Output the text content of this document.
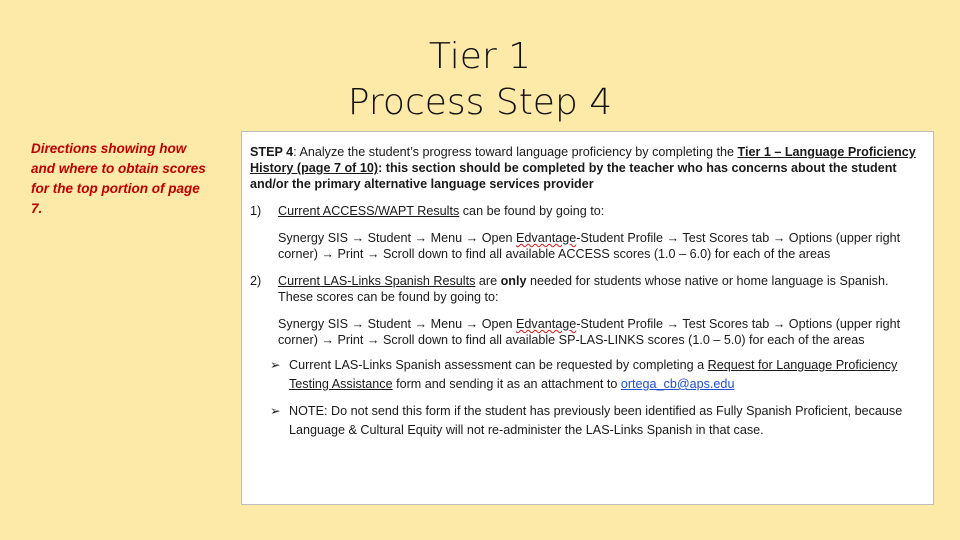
Tier 1
Process Step 4
Directions showing how and where to obtain scores for the top portion of page 7.

STEP 4: Analyze the student’s progress toward language proficiency by completing the Tier 1 – Language Proficiency History (page 7 of 10): this section should be completed by the teacher who has concerns about the student and/or the primary alternative language services provider

1)	Current ACCESS/WAPT Results can be found by going to:
Synergy SIS → Student → Menu → Open Edvantage-Student Profile → Test Scores tab → Options (upper right corner) → Print → Scroll down to find all available ACCESS scores (1.0 – 6.0) for each of the areas
2)	Current LAS-Links Spanish Results are only needed for students whose native or home language is Spanish. These scores can be found by going to:
Synergy SIS → Student → Menu → Open Edvantage-Student Profile → Test Scores tab → Options (upper right corner) → Print → Scroll down to find all available SP-LAS-LINKS scores (1.0 – 5.0) for each of the areas
➢ Current LAS-Links Spanish assessment can be requested by completing a Request for Language Proficiency Testing Assistance form and sending it as an attachment to ortega_cb@aps.edu
➢ NOTE: Do not send this form if the student has previously been identified as Fully Spanish Proficient, because Language & Cultural Equity will not re-administer the LAS-Links Spanish in that case.
